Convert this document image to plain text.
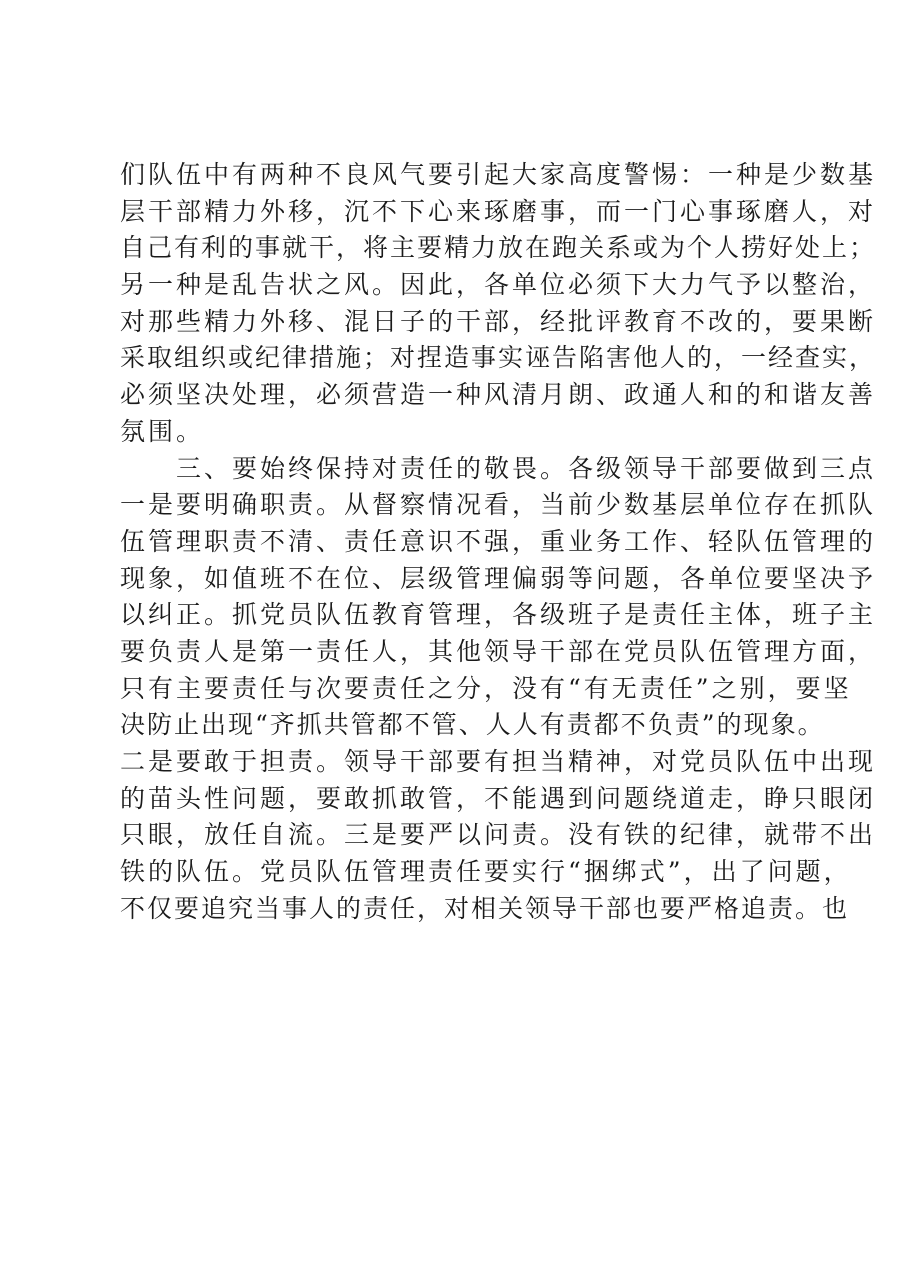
们队伍中有两种不良风气要引起大家高度警惕：一种是少数基
层干部精力外移，沉不下心来琢磨事，而一门心事琢磨人，对
自己有利的事就干，将主要精力放在跑关系或为个人捞好处上；
另一种是乱告状之风。因此，各单位必须下大力气予以整治，
对那些精力外移、混日子的干部，经批评教育不改的，要果断
采取组织或纪律措施；对捏造事实诬告陷害他人的，一经查实，
必须坚决处理，必须营造一种风清月朗、政通人和的和谐友善
氛围。
三、要始终保持对责任的敬畏。各级领导干部要做到三点
一是要明确职责。从督察情况看，当前少数基层单位存在抓队
伍管理职责不清、责任意识不强，重业务工作、轻队伍管理的
现象，如值班不在位、层级管理偏弱等问题，各单位要坚决予
以纠正。抓党员队伍教育管理，各级班子是责任主体，班子主
要负责人是第一责任人，其他领导干部在党员队伍管理方面，
只有主要责任与次要责任之分，没有“有无责任”之别，要坚
决防止出现“齐抓共管都不管、人人有责都不负责”的现象。
二是要敢于担责。领导干部要有担当精神，对党员队伍中出现
的苗头性问题，要敢抓敢管，不能遇到问题绕道走，睁只眼闭
只眼，放任自流。三是要严以问责。没有铁的纪律，就带不出
铁的队伍。党员队伍管理责任要实行“捆绑式”，出了问题，
不仅要追究当事人的责任，对相关领导干部也要严格追责。也
